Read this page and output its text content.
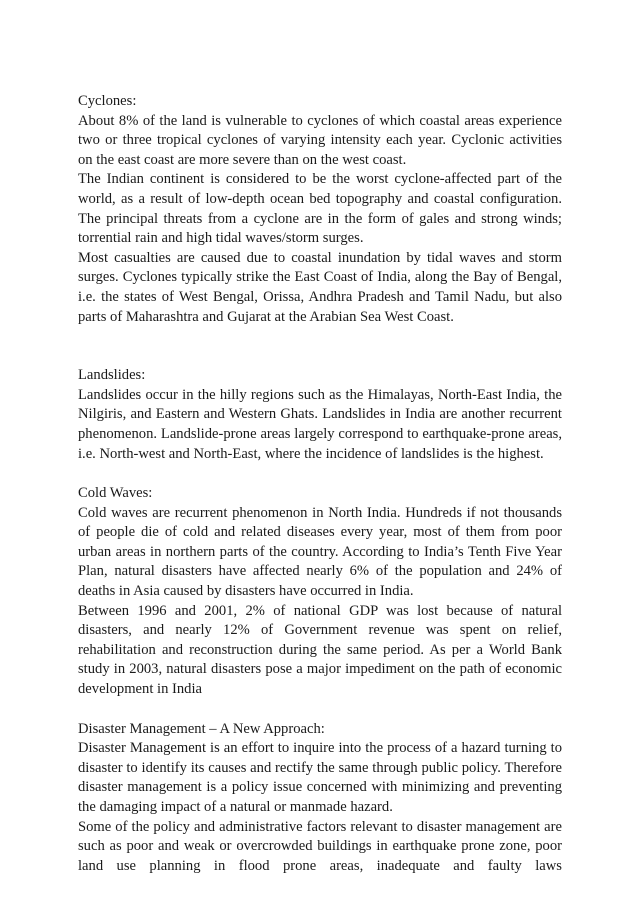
Cyclones:

About 8% of the land is vulnerable to cyclones of which coastal areas experience two or three tropical cyclones of varying intensity each year. Cyclonic activities on the east coast are more severe than on the west coast.

The Indian continent is considered to be the worst cyclone-affected part of the world, as a result of low-depth ocean bed topography and coastal configuration. The principal threats from a cyclone are in the form of gales and strong winds; torrential rain and high tidal waves/storm surges.

Most casualties are caused due to coastal inundation by tidal waves and storm surges. Cyclones typically strike the East Coast of India, along the Bay of Bengal, i.e. the states of West Bengal, Orissa, Andhra Pradesh and Tamil Nadu, but also parts of Maharashtra and Gujarat at the Arabian Sea West Coast.

Landslides:

Landslides occur in the hilly regions such as the Himalayas, North-East India, the Nilgiris, and Eastern and Western Ghats. Landslides in India are another recurrent phenomenon. Landslide-prone areas largely correspond to earthquake-prone areas, i.e. North-west and North-East, where the incidence of landslides is the highest.

Cold Waves:

Cold waves are recurrent phenomenon in North India. Hundreds if not thousands of people die of cold and related diseases every year, most of them from poor urban areas in northern parts of the country. According to India’s Tenth Five Year Plan, natural disasters have affected nearly 6% of the population and 24% of deaths in Asia caused by disasters have occurred in India.

Between 1996 and 2001, 2% of national GDP was lost because of natural disasters, and nearly 12% of Government revenue was spent on relief, rehabilitation and reconstruction during the same period. As per a World Bank study in 2003, natural disasters pose a major impediment on the path of economic development in India

Disaster Management – A New Approach:

Disaster Management is an effort to inquire into the process of a hazard turning to disaster to identify its causes and rectify the same through public policy. Therefore disaster management is a policy issue concerned with minimizing and preventing the damaging impact of a natural or manmade hazard.

Some of the policy and administrative factors relevant to disaster management are such as poor and weak or overcrowded buildings in earthquake prone zone, poor land use planning in flood prone areas, inadequate and faulty laws
